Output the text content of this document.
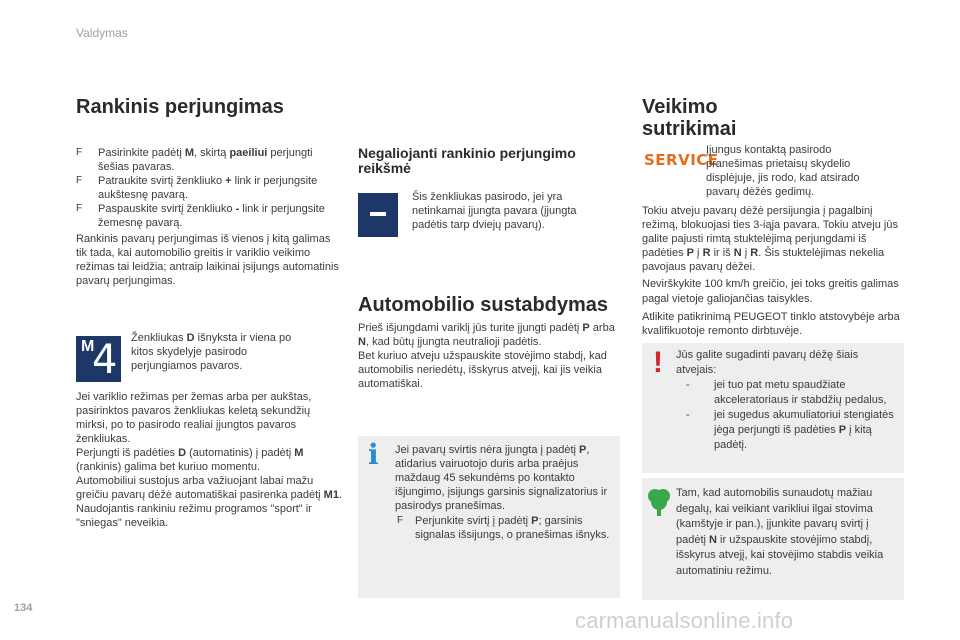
Valdymas
134	carmanualsonline.info
Rankinis perjungimas
F Pasirinkite padėtį M, skirtą paeiliui perjungti šešias pavaras.
F Patraukite svirtį ženkliuko + link ir perjungsite aukštesnę pavarą.
F Paspauskite svirtį ženkliuko - link ir perjungsite žemesnę pavarą.

Rankinis pavarų perjungimas iš vienos į kitą galimas tik tada, kai automobilio greitis ir variklio veikimo režimas tai leidžia; antraip laikinai įsijungs automatinis pavarų perjungimas.

M
4 Ženkliukas D išnyksta ir viena po kitos skydelyje pasirodo perjungiamos pavaros.

Jei variklio režimas per žemas arba per aukštas, pasirinktos pavaros ženkliukas keletą sekundžių mirksi, po to pasirodo realiai įjungtos pavaros ženkliukas.

Perjungti iš padėties D (automatinis) į padėtį M (rankinis) galima bet kuriuo momentu.

Automobiliui sustojus arba važiuojant labai mažu greičiu pavarų dėžė automatiškai pasirenka padėtį M1.

Naudojantis rankiniu režimu programos "sport" ir "sniegas" neveikia.

Negaliojanti rankinio perjungimo reikšmė
Šis ženkliukas pasirodo, jei yra netinkamai įjungta pavara (įjungta padėtis tarp dviejų pavarų).
Automobilio sustabdymas

Prieš išjungdami variklį jūs turite įjungti padėtį P arba N, kad būtų įjungta neutralioji padėtis.

Bet kuriuo atveju užspauskite stovėjimo stabdį, kad automobilis neriedėtų, išskyrus atvejį, kai jis veikia automatiškai.

i Jei pavarų svirtis nėra įjungta į padėtį P, atidarius vairuotojo duris arba praėjus maždaug 45 sekundėms po kontakto išjungimo, įsijungs garsinis signalizatorius ir pasirodys pranešimas.

F Perjunkite svirtį į padėtį P; garsinis signalas išsijungs, o pranešimas išnyks.
Veikimo
sutrikimai
SERVICE
Įjungus kontaktą pasirodo pranešimas prietaisų skydelio displėjuje, jis rodo, kad atsirado pavarų dėžės gedimų.

Tokiu atveju pavarų dėžė persijungia į pagalbinį režimą, blokuojasi ties 3-iąja pavara. Tokiu atveju jūs galite pajusti rimtą stuktelėjimą perjungdami iš padėties P į R ir iš N į R. Šis stuktelėjimas nekelia pavojaus pavarų dėžei.

Nevirškykite 100 km/h greičio, jei toks greitis galimas pagal vietoje galiojančias taisykles.

Atlikite patikrinimą PEUGEOT tinklo atstovybėje arba kvalifikuotoje remonto dirbtuvėje.

! Jūs galite sugadinti pavarų dėžę šiais atvejais:

- jei tuo pat metu spaudžiate akceleratoriaus ir stabdžių pedalus,
- jei sugedus akumuliatoriui stengiatės jėga perjungti iš padėties P į kitą padėtį.
Tam, kad automobilis sunaudotų mažiau degalų, kai veikiant varikliui ilgai stovima (kamštyje ir pan.), įjunkite pavarų svirtį į padėtį N ir užspauskite stovėjimo stabdį, išskyrus atvejį, kai stovėjimo stabdis veikia automatiniu režimu.
